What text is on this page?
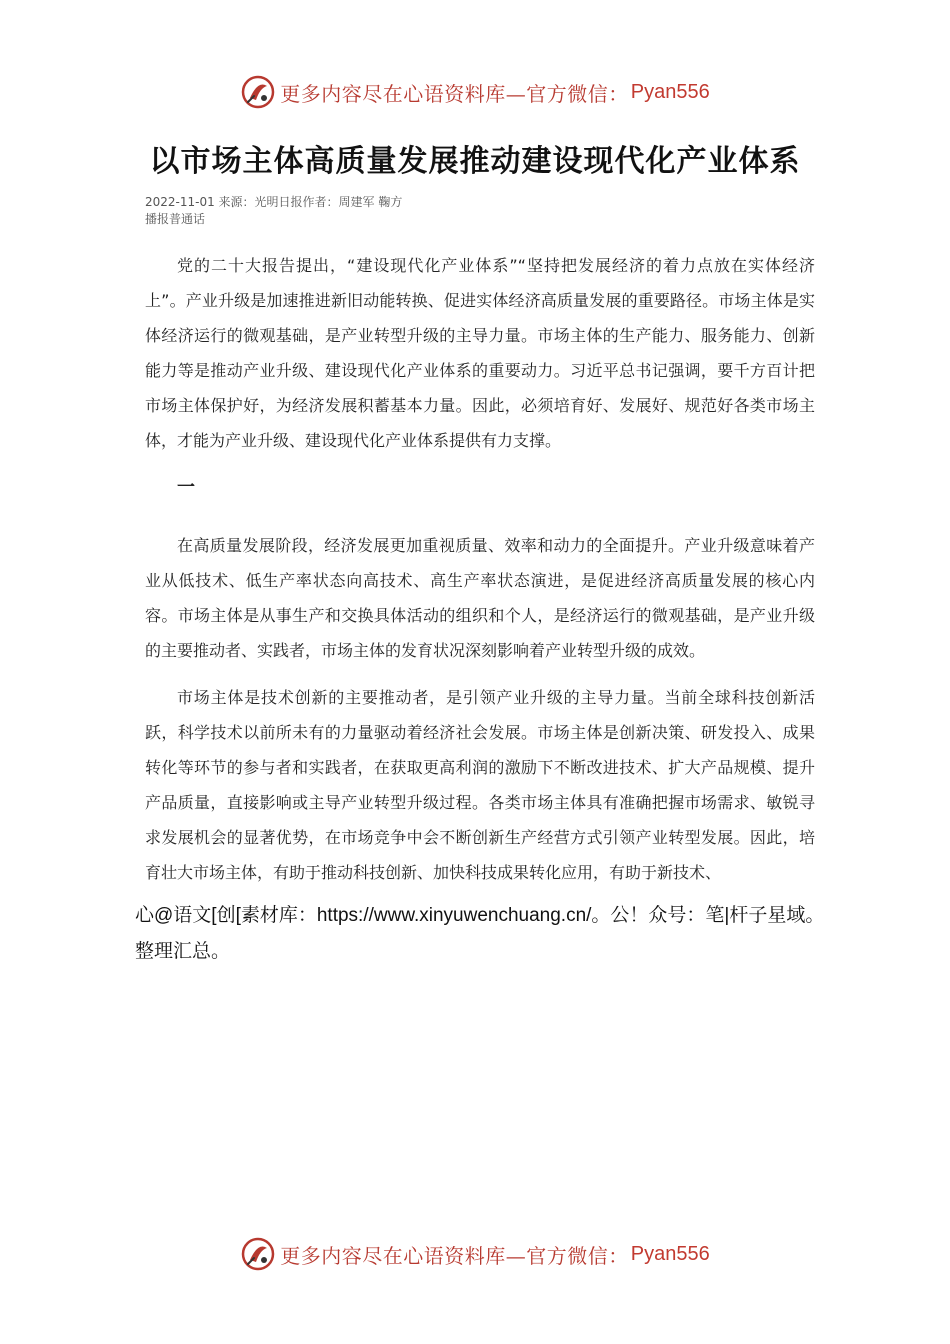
更多内容尽在心语资料库—官方微信： Pyan556
以市场主体高质量发展推动建设现代化产业体系
2022-11-01 来源：光明日报作者：周建军 鞠方
播报普通话

党的二十大报告提出，“建设现代化产业体系”“坚持把发展经济的着力点放在实体经济上”。产业升级是加速推进新旧动能转换、促进实体经济高质量发展的重要路径。市场主体是实体经济运行的微观基础，是产业转型升级的主导力量。市场主体的生产能力、服务能力、创新能力等是推动产业升级、建设现代化产业体系的重要动力。习近平总书记强调，要千方百计把市场主体保护好，为经济发展积蓄基本力量。因此，必须培育好、发展好、规范好各类市场主体，才能为产业升级、建设现代化产业体系提供有力支撑。

一

在高质量发展阶段，经济发展更加重视质量、效率和动力的全面提升。产业升级意味着产业从低技术、低生产率状态向高技术、高生产率状态演进，是促进经济高质量发展的核心内容。市场主体是从事生产和交换具体活动的组织和个人，是经济运行的微观基础，是产业升级的主要推动者、实践者，市场主体的发育状况深刻影响着产业转型升级的成效。

市场主体是技术创新的主要推动者，是引领产业升级的主导力量。当前全球科技创新活跃，科学技术以前所未有的力量驱动着经济社会发展。市场主体是创新决策、研发投入、成果转化等环节的参与者和实践者，在获取更高利润的激励下不断改进技术、扩大产品规模、提升产品质量，直接影响或主导产业转型升级过程。各类市场主体具有准确把握市场需求、敏锐寻求发展机会的显著优势，在市场竞争中会不断创新生产经营方式引领产业转型发展。因此，培育壮大市场主体，有助于推动科技创新、加快科技成果转化应用，有助于新技术、

心@语文[创[素材库：https://www.xinyuwenchuang.cn/。公！众号：笔|杆子星域。整理汇总。
更多内容尽在心语资料库—官方微信： Pyan556
